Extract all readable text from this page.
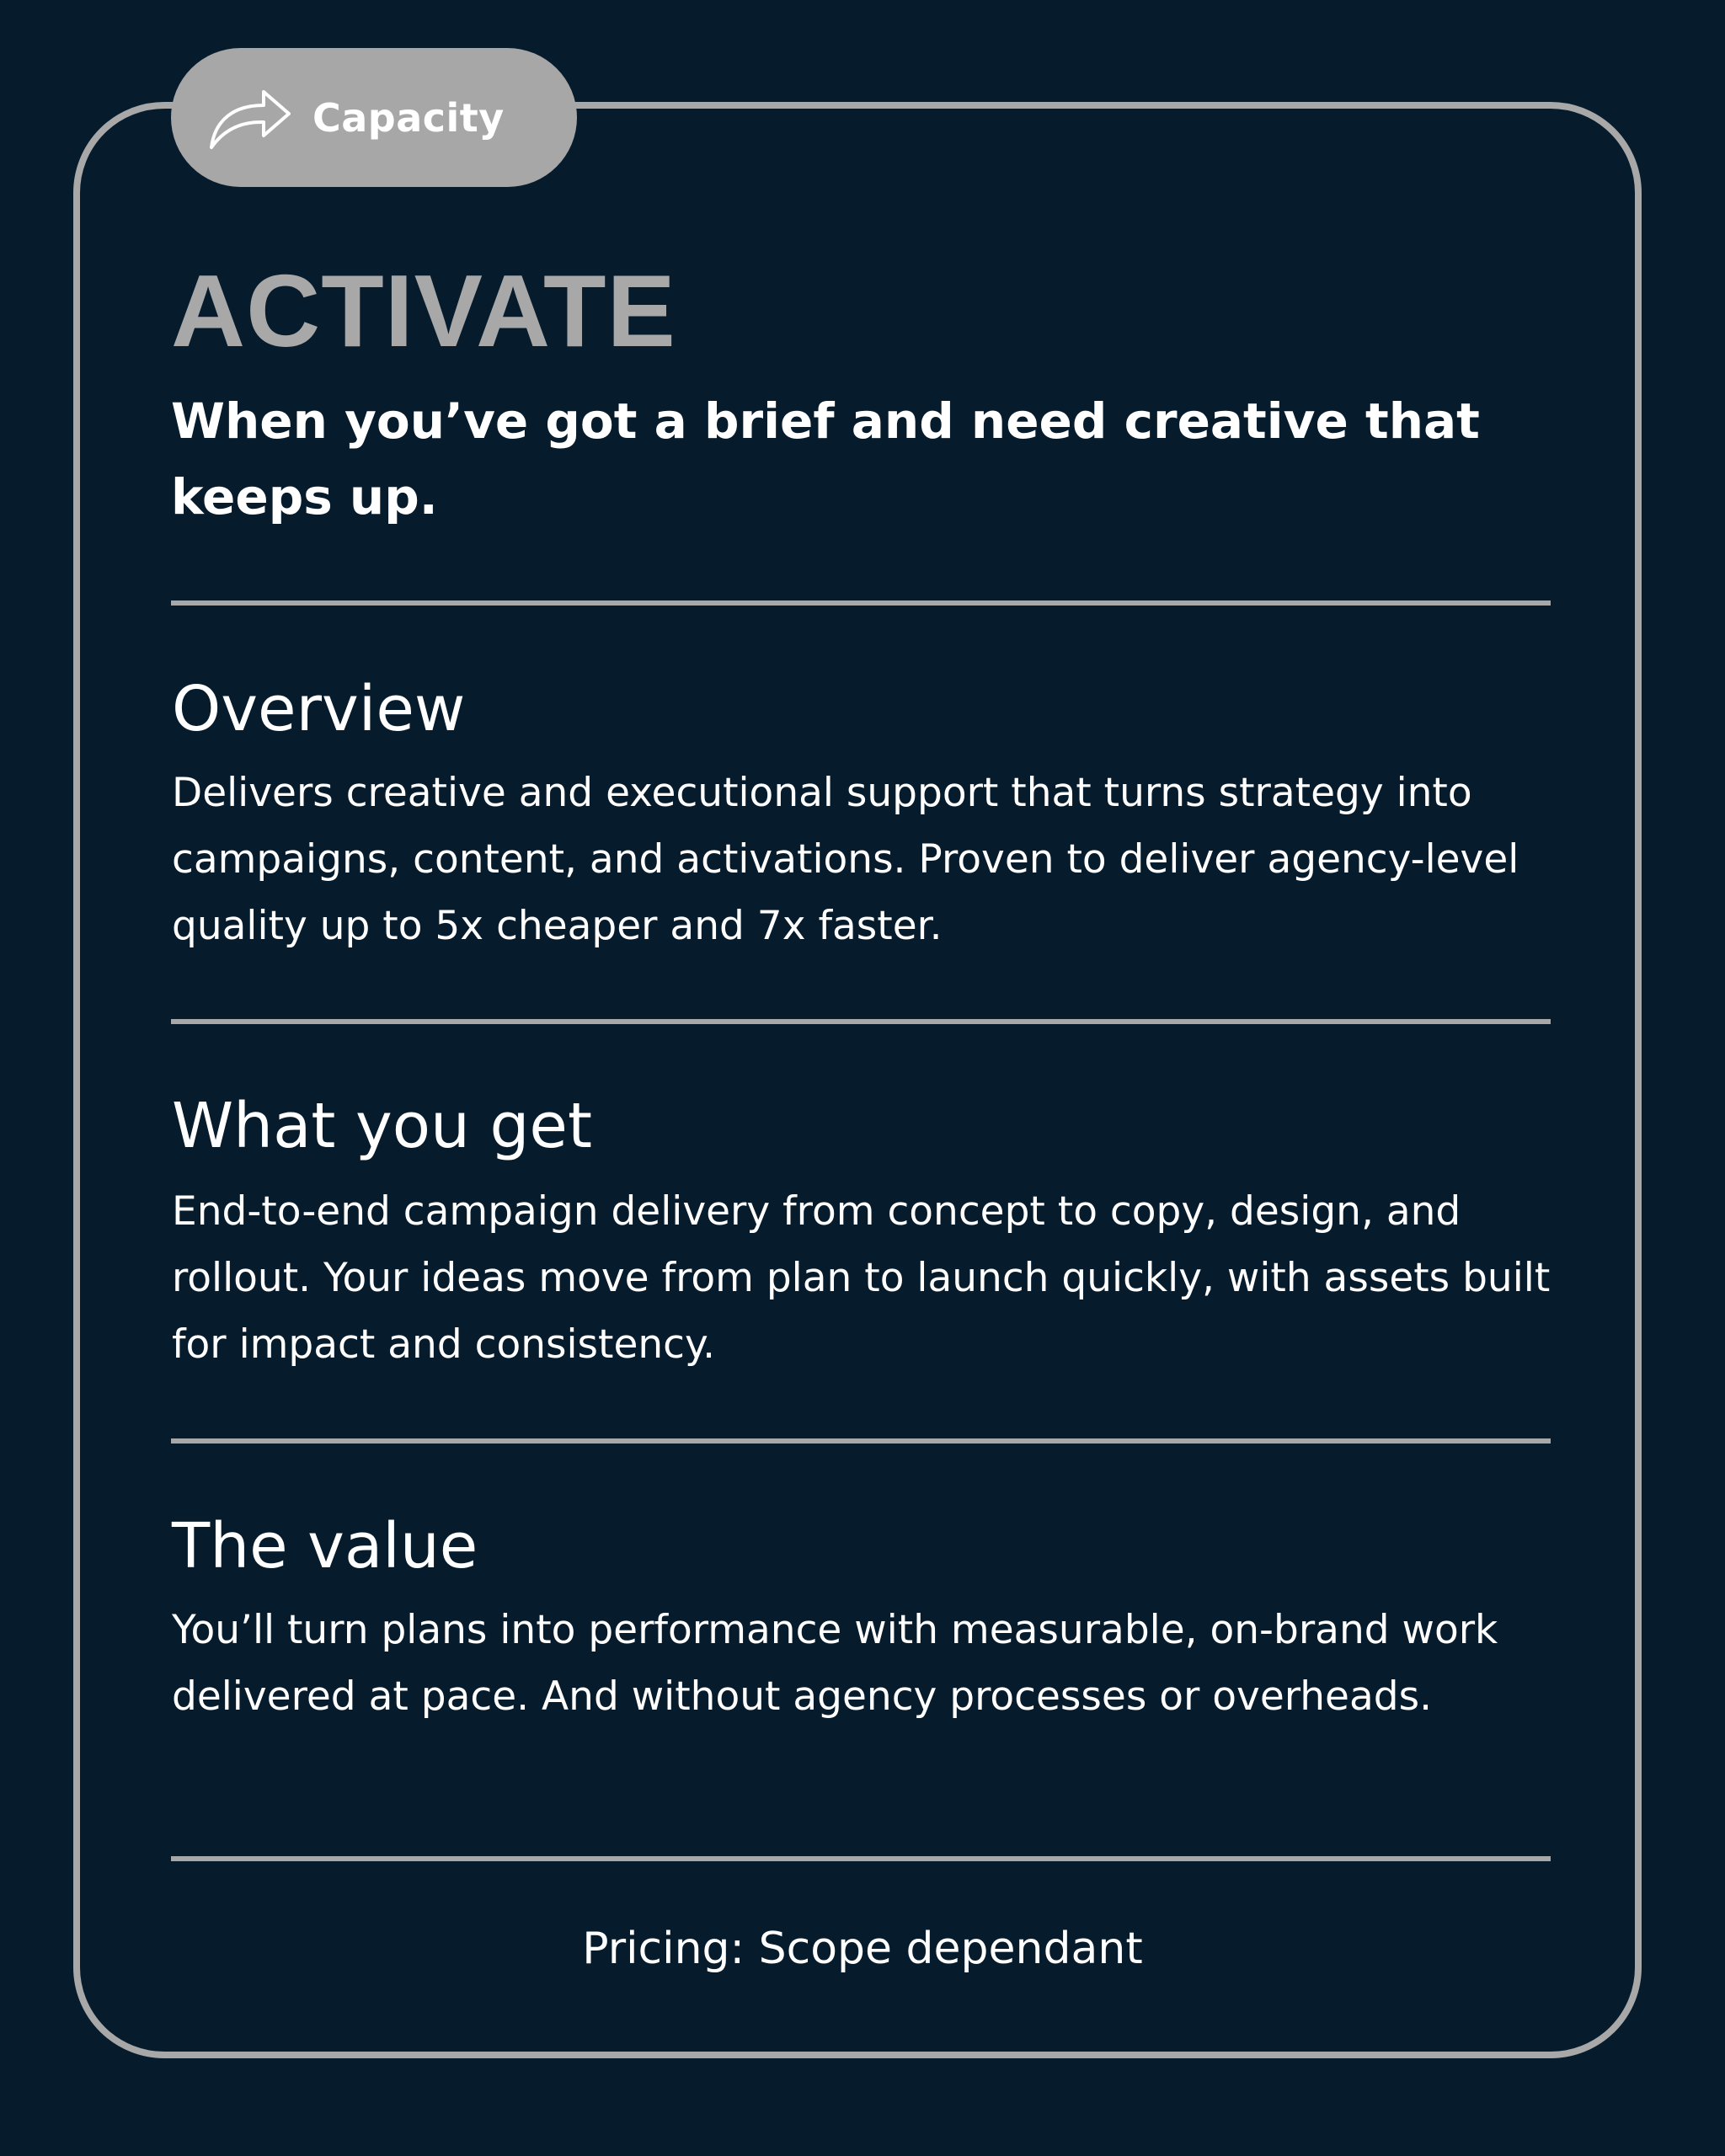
Capacity
ACTIVATE
When you’ve got a brief and need creative that keeps up.
Overview
Delivers creative and executional support that turns strategy into campaigns, content, and activations. Proven to deliver agency-level quality up to 5x cheaper and 7x faster.
What you get
End-to-end campaign delivery from concept to copy, design, and rollout. Your ideas move from plan to launch quickly, with assets built for impact and consistency.
The value
You’ll turn plans into performance with measurable, on-brand work delivered at pace. And without agency processes or overheads.
Pricing: Scope dependant
